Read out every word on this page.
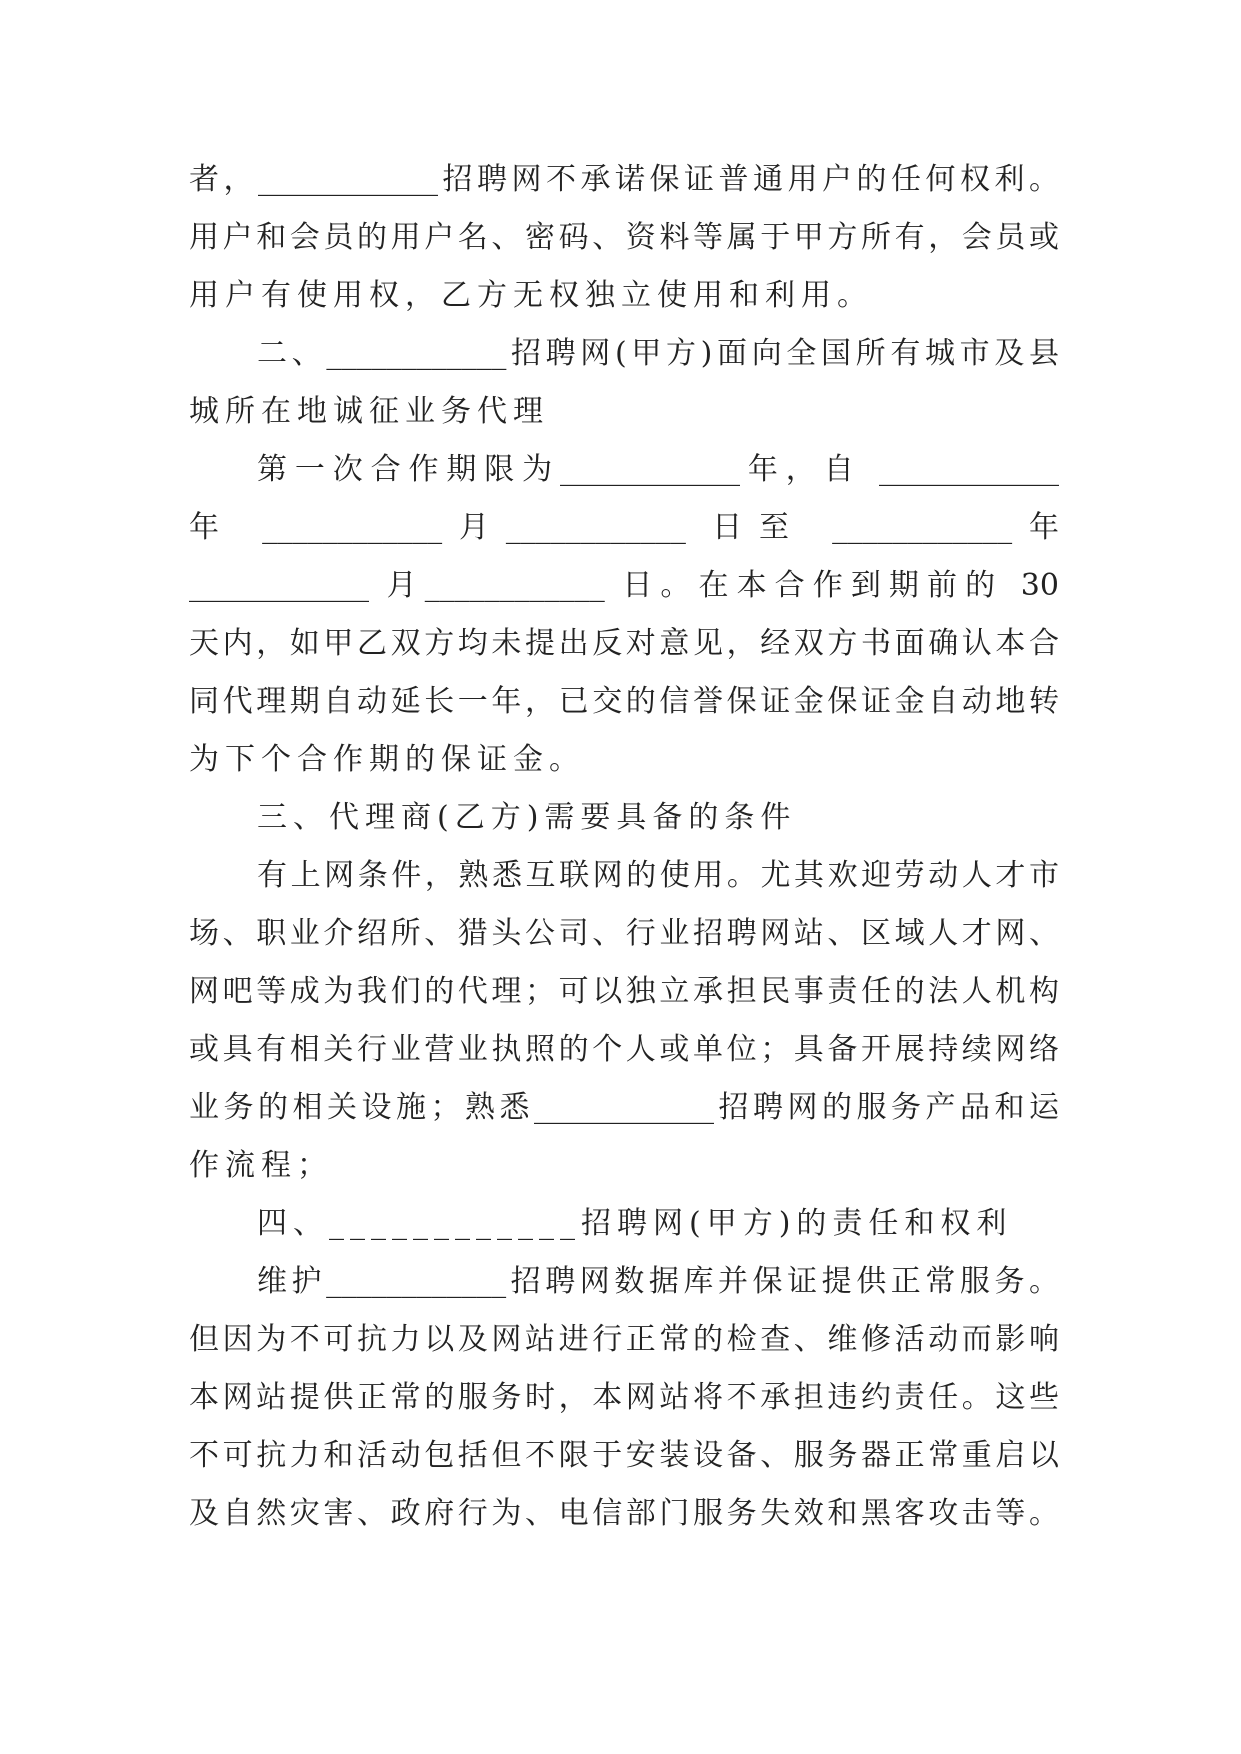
者，____________招聘网不承诺保证普通用户的任何权利。
用户和会员的用户名、密码、资料等属于甲方所有，会员或
用户有使用权，乙方无权独立使用和利用。
二、____________招聘网(甲方)面向全国所有城市及县
城所在地诚征业务代理
第一次合作期限为____________年，自 ____________
年 ____________月____________ 日至 ____________年
____________ 月____________ 日。在本合作到期前的 30
天内，如甲乙双方均未提出反对意见，经双方书面确认本合
同代理期自动延长一年，已交的信誉保证金保证金自动地转
为下个合作期的保证金。
三、代理商(乙方)需要具备的条件
有上网条件，熟悉互联网的使用。尤其欢迎劳动人才市
场、职业介绍所、猎头公司、行业招聘网站、区域人才网、
网吧等成为我们的代理；可以独立承担民事责任的法人机构
或具有相关行业营业执照的个人或单位；具备开展持续网络
业务的相关设施；熟悉____________招聘网的服务产品和运
作流程；
四、____________招聘网(甲方)的责任和权利
维护____________招聘网数据库并保证提供正常服务。
但因为不可抗力以及网站进行正常的检查、维修活动而影响
本网站提供正常的服务时，本网站将不承担违约责任。这些
不可抗力和活动包括但不限于安装设备、服务器正常重启以
及自然灾害、政府行为、电信部门服务失效和黑客攻击等。
